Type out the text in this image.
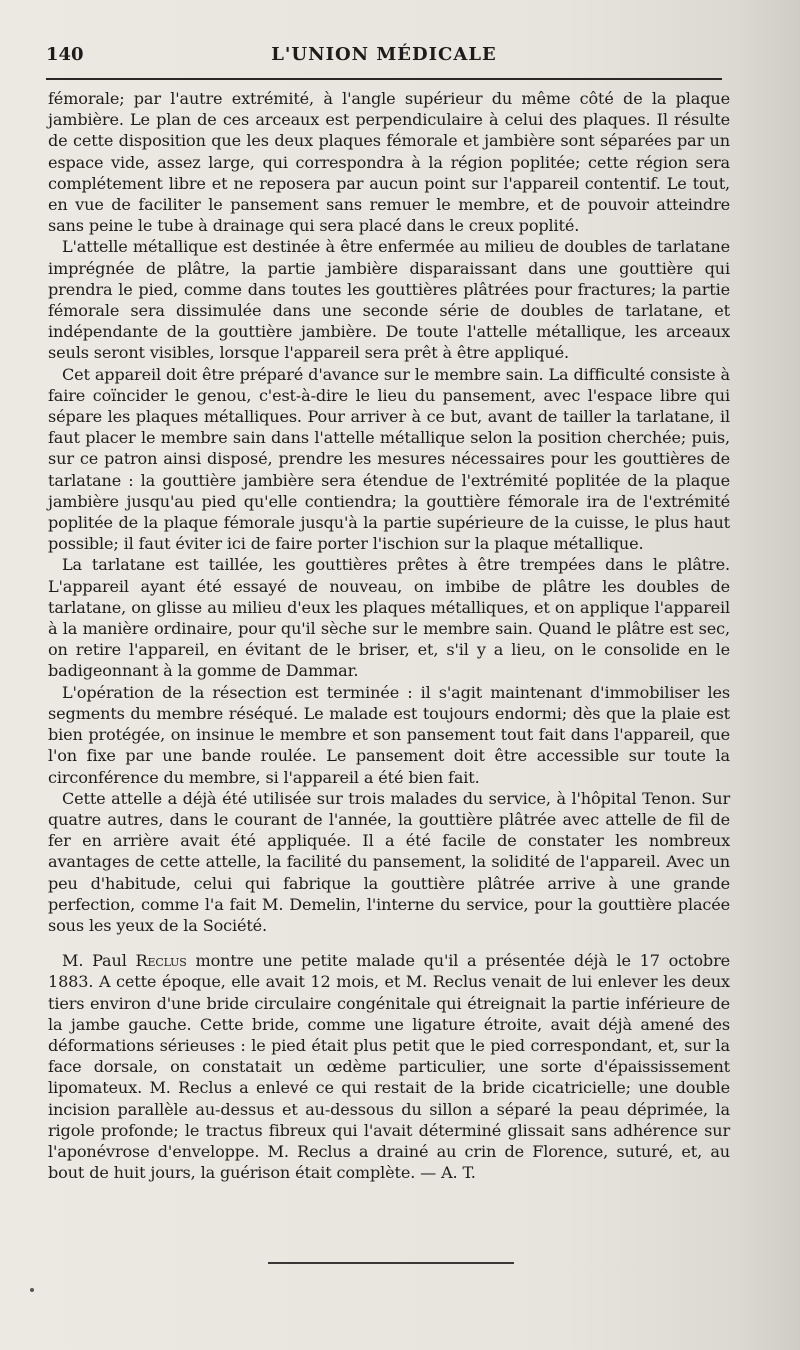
140	L'UNION MÉDICALE

fémorale; par l'autre extrémité, à l'angle supérieur du même côté de la plaque jambière. Le plan de ces arceaux est perpendiculaire à celui des plaques. Il résulte de cette disposition que les deux plaques fémorale et jambière sont séparées par un espace vide, assez large, qui correspondra à la région poplitée; cette région sera complétement libre et ne reposera par aucun point sur l'appareil contentif. Le tout, en vue de faciliter le pansement sans remuer le membre, et de pouvoir atteindre sans peine le tube à drainage qui sera placé dans le creux poplité.

L'attelle métallique est destinée à être enfermée au milieu de doubles de tarlatane imprégnée de plâtre, la partie jambière disparaissant dans une gouttière qui prendra le pied, comme dans toutes les gouttières plâtrées pour fractures; la partie fémorale sera dissimulée dans une seconde série de doubles de tarlatane, et indépendante de la gouttière jambière. De toute l'attelle métallique, les arceaux seuls seront visibles, lorsque l'appareil sera prêt à être appliqué.

Cet appareil doit être préparé d'avance sur le membre sain. La difficulté consiste à faire coïncider le genou, c'est-à-dire le lieu du pansement, avec l'espace libre qui sépare les plaques métalliques. Pour arriver à ce but, avant de tailler la tarlatane, il faut placer le membre sain dans l'attelle métallique selon la position cherchée; puis, sur ce patron ainsi disposé, prendre les mesures nécessaires pour les gouttières de tarlatane : la gouttière jambière sera étendue de l'extrémité poplitée de la plaque jambière jusqu'au pied qu'elle contiendra; la gouttière fémorale ira de l'extrémité poplitée de la plaque fémorale jusqu'à la partie supérieure de la cuisse, le plus haut possible; il faut éviter ici de faire porter l'ischion sur la plaque métallique.

La tarlatane est taillée, les gouttières prêtes à être trempées dans le plâtre. L'appareil ayant été essayé de nouveau, on imbibe de plâtre les doubles de tarlatane, on glisse au milieu d'eux les plaques métalliques, et on applique l'appareil à la manière ordinaire, pour qu'il sèche sur le membre sain. Quand le plâtre est sec, on retire l'appareil, en évitant de le briser, et, s'il y a lieu, on le consolide en le badigeonnant à la gomme de Dammar.

L'opération de la résection est terminée : il s'agit maintenant d'immobiliser les segments du membre réséqué. Le malade est toujours endormi; dès que la plaie est bien protégée, on insinue le membre et son pansement tout fait dans l'appareil, que l'on fixe par une bande roulée. Le pansement doit être accessible sur toute la circonférence du membre, si l'appareil a été bien fait.

Cette attelle a déjà été utilisée sur trois malades du service, à l'hôpital Tenon. Sur quatre autres, dans le courant de l'année, la gouttière plâtrée avec attelle de fil de fer en arrière avait été appliquée. Il a été facile de constater les nombreux avantages de cette attelle, la facilité du pansement, la solidité de l'appareil. Avec un peu d'habitude, celui qui fabrique la gouttière plâtrée arrive à une grande perfection, comme l'a fait M. Demelin, l'interne du service, pour la gouttière placée sous les yeux de la Société.

M. Paul Reclus montre une petite malade qu'il a présentée déjà le 17 octobre 1883. A cette époque, elle avait 12 mois, et M. Reclus venait de lui enlever les deux tiers environ d'une bride circulaire congénitale qui étreignait la partie inférieure de la jambe gauche. Cette bride, comme une ligature étroite, avait déjà amené des déformations sérieuses : le pied était plus petit que le pied correspondant, et, sur la face dorsale, on constatait un œdème particulier, une sorte d'épaississement lipomateux. M. Reclus a enlevé ce qui restait de la bride cicatricielle; une double incision parallèle au-dessus et au-dessous du sillon a séparé la peau déprimée, la rigole profonde; le tractus fibreux qui l'avait déterminé glissait sans adhérence sur l'aponévrose d'enveloppe. M. Reclus a drainé au crin de Florence, suturé, et, au bout de huit jours, la guérison était complète. — A. T.
